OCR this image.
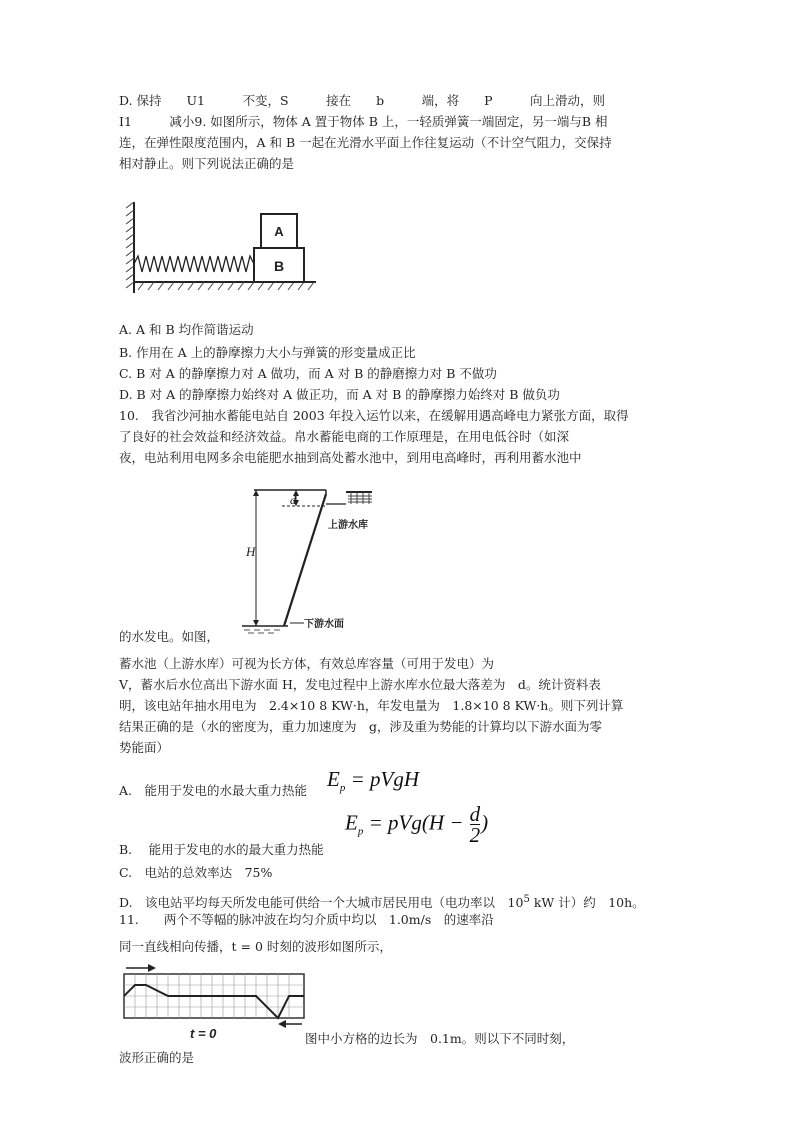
D. 保持　　U1　　　不变，S　　　接在　　b　　　端，将　　P　　　向上滑动，则
I1　　　减小9. 如图所示，物体 A 置于物体 B 上，一轻质弹簧一端固定，另一端与B 相
连，在弹性限度范围内，A 和 B 一起在光滑水平面上作往复运动（不计空气阻力，交保持
相对静止。则下列说法正确的是
B
A
A. A 和 B 均作简谐运动
B. 作用在 A 上的静摩擦力大小与弹簧的形变量成正比
C. B 对 A 的静摩擦力对 A 做功，而 A 对 B 的静磨擦力对 B 不做功
D. B 对 A 的静摩擦力始终对 A 做正功，而 A 对 B 的静摩擦力始终对 B 做负功
10.　我省沙河抽水蓄能电站自 2003 年投入运竹以来，在缓解用遇高峰电力紧张方面，取得
了良好的社会效益和经济效益。帛水蓄能电商的工作原理是，在用电低谷时（如深
夜，电站利用电网多余电能肥水抽到高处蓄水池中，到用电高峰时，再利用蓄水池中
d
H
上游水库
下游水面
的水发电。如图，
蓄水池（上游水库）可视为长方体，有效总库容量（可用于发电）为
V，蓄水后水位高出下游水面 H，发电过程中上游水库水位最大落差为　d。统计资料表
明，该电站年抽水用电为　2.4×10 8 KW·h，年发电量为　1.8×10 8 KW·h。则下列计算
结果正确的是（水的密度为，重力加速度为　g，涉及重为势能的计算均以下游水面为零
势能面）
A.　能用于发电的水最大重力热能 $E_p$ = pVgH
$E_p = pVg(H - \frac{d}{2}$ )
B.　 能用于发电的水的最大重力热能
C.　电站的总效率达　75%
D.　该电站平均每天所发电能可供给一个大城市居民用电（电功率以　$10^5$ kW 计）约　10h。
11.　　两个不等幅的脉冲波在均匀介质中均以　1.0m/s　的速率沿
同一直线相向传播，t = 0 时刻的波形如图所示，
t = 0	图中小方格的边长为　0.1m。则以下不同时刻，
波形正确的是
